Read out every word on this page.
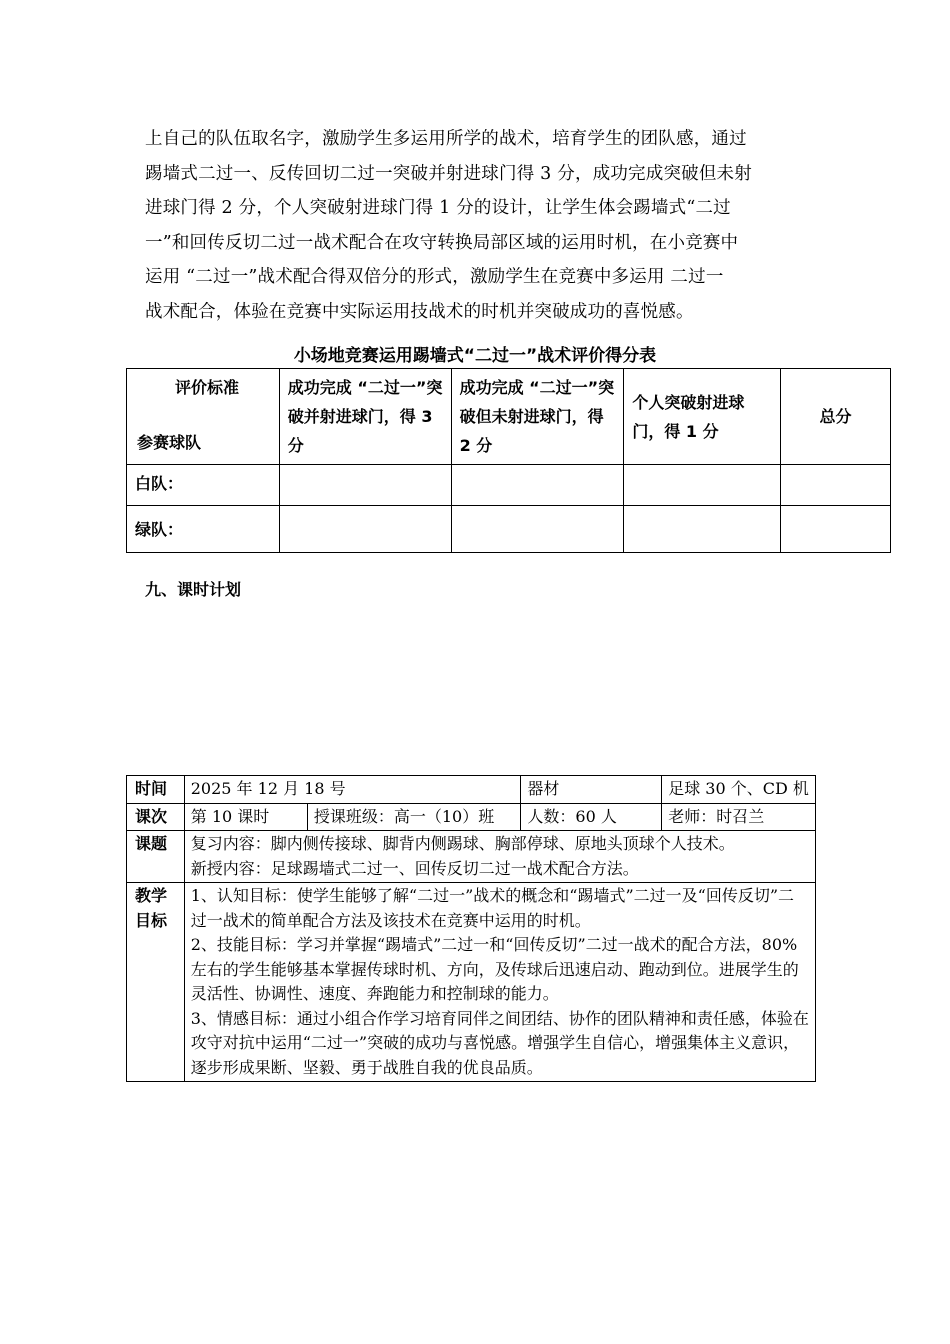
上自己的队伍取名字，激励学生多运用所学的战术，培育学生的团队感，通过
踢墙式二过一、反传回切二过一突破并射进球门得 3 分，成功完成突破但未射
进球门得 2 分，个人突破射进球门得 1 分的设计，让学生体会踢墙式“二过
一”和回传反切二过一战术配合在攻守转换局部区域的运用时机，在小竞赛中
运用 “二过一”战术配合得双倍分的形式，激励学生在竞赛中多运用 二过一
战术配合，体验在竞赛中实际运用技战术的时机并突破成功的喜悦感。
小场地竞赛运用踢墙式“二过一”战术评价得分表
评价标准
参赛球队	成功完成 “二过一”突破并射进球门，得 3 分	成功完成 “二过一”突破但未射进球门，得 2 分	个人突破射进球门，得 1 分	总分
白队：				
绿队：				
九、课时计划
时间	2025 年 12 月 18 号		器材	足球 30 个、CD 机
课次	第 10 课时	授课班级：高一（10）班	人数：60 人	老师：时召兰
课题	复习内容：脚内侧传接球、脚背内侧踢球、胸部停球、原地头顶球个人技术。

新授内容：足球踢墙式二过一、回传反切二过一战术配合方法。			

教学目标	1、认知目标：使学生能够了解“二过一”战术的概念和“踢墙式”二过一及“回传反切”二过一战术的简单配合方法及该技术在竞赛中运用的时机。

2、技能目标：学习并掌握“踢墙式”二过一和“回传反切”二过一战术的配合方法，80%左右的学生能够基本掌握传球时机、方向，及传球后迅速启动、跑动到位。进展学生的灵活性、协调性、速度、奔跑能力和控制球的能力。

3、情感目标：通过小组合作学习培育同伴之间团结、协作的团队精神和责任感，体验在攻守对抗中运用“二过一”突破的成功与喜悦感。增强学生自信心，增强集体主义意识，逐步形成果断、坚毅、勇于战胜自我的优良品质。			
